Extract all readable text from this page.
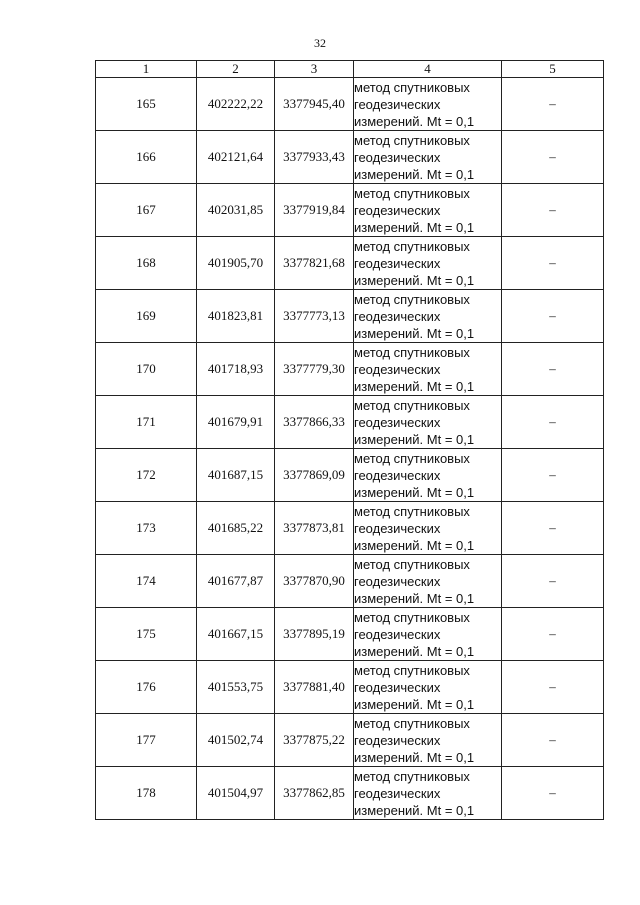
32
1	2	3	4	5
165	402222,22	3377945,40	метод спутниковых
геодезических
измерений. Mt = 0,1	–
166	402121,64	3377933,43	метод спутниковых
геодезических
измерений. Mt = 0,1	–
167	402031,85	3377919,84	метод спутниковых
геодезических
измерений. Mt = 0,1	–
168	401905,70	3377821,68	метод спутниковых
геодезических
измерений. Mt = 0,1	–
169	401823,81	3377773,13	метод спутниковых
геодезических
измерений. Mt = 0,1	–
170	401718,93	3377779,30	метод спутниковых
геодезических
измерений. Mt = 0,1	–
171	401679,91	3377866,33	метод спутниковых
геодезических
измерений. Mt = 0,1	–
172	401687,15	3377869,09	метод спутниковых
геодезических
измерений. Mt = 0,1	–
173	401685,22	3377873,81	метод спутниковых
геодезических
измерений. Mt = 0,1	–
174	401677,87	3377870,90	метод спутниковых
геодезических
измерений. Mt = 0,1	–
175	401667,15	3377895,19	метод спутниковых
геодезических
измерений. Mt = 0,1	–
176	401553,75	3377881,40	метод спутниковых
геодезических
измерений. Mt = 0,1	–
177	401502,74	3377875,22	метод спутниковых
геодезических
измерений. Mt = 0,1	–
178	401504,97	3377862,85	метод спутниковых
геодезических
измерений. Mt = 0,1	–
